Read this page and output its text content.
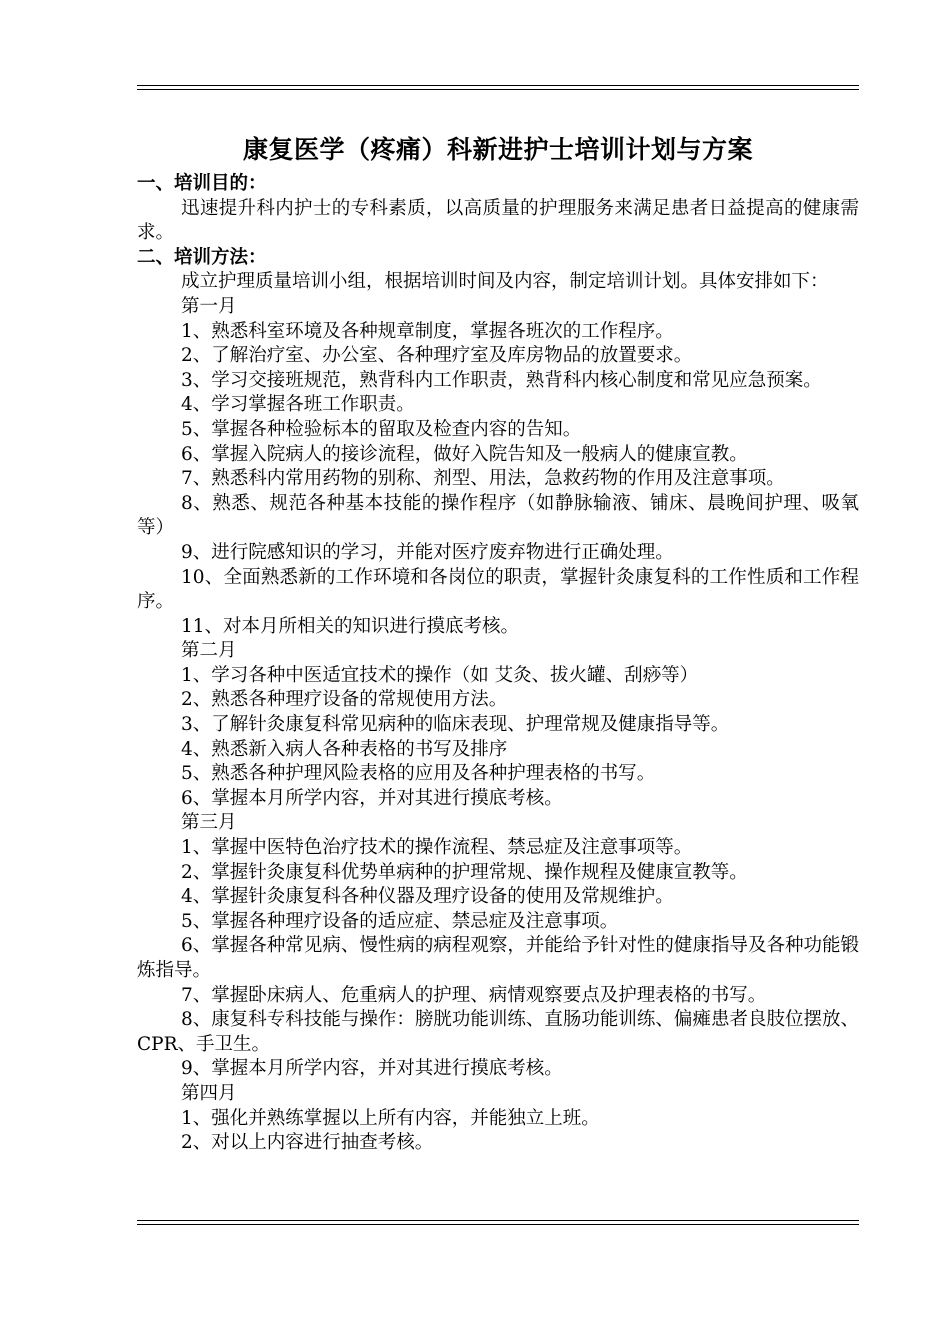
康复医学（疼痛）科新进护士培训计划与方案

一、培训目的：

迅速提升科内护士的专科素质，以高质量的护理服务来满足患者日益提高的健康需求。

二、培训方法：

成立护理质量培训小组，根据培训时间及内容，制定培训计划。具体安排如下：

第一月

1、熟悉科室环境及各种规章制度，掌握各班次的工作程序。

2、了解治疗室、办公室、各种理疗室及库房物品的放置要求。

3、学习交接班规范，熟背科内工作职责，熟背科内核心制度和常见应急预案。

4、学习掌握各班工作职责。

5、掌握各种检验标本的留取及检查内容的告知。

6、掌握入院病人的接诊流程，做好入院告知及一般病人的健康宣教。

7、熟悉科内常用药物的别称、剂型、用法，急救药物的作用及注意事项。

8、熟悉、规范各种基本技能的操作程序（如静脉输液、铺床、晨晚间护理、吸氧等）

9、进行院感知识的学习，并能对医疗废弃物进行正确处理。

10、全面熟悉新的工作环境和各岗位的职责，掌握针灸康复科的工作性质和工作程序。

11、对本月所相关的知识进行摸底考核。

第二月

1、学习各种中医适宜技术的操作（如 艾灸、拔火罐、刮痧等）

2、熟悉各种理疗设备的常规使用方法。

3、了解针灸康复科常见病种的临床表现、护理常规及健康指导等。

4、熟悉新入病人各种表格的书写及排序

5、熟悉各种护理风险表格的应用及各种护理表格的书写。

6、掌握本月所学内容，并对其进行摸底考核。

第三月

1、掌握中医特色治疗技术的操作流程、禁忌症及注意事项等。

2、掌握针灸康复科优势单病种的护理常规、操作规程及健康宣教等。

4、掌握针灸康复科各种仪器及理疗设备的使用及常规维护。

5、掌握各种理疗设备的适应症、禁忌症及注意事项。

6、掌握各种常见病、慢性病的病程观察，并能给予针对性的健康指导及各种功能锻炼指导。

7、掌握卧床病人、危重病人的护理、病情观察要点及护理表格的书写。

8、康复科专科技能与操作：膀胱功能训练、直肠功能训练、偏瘫患者良肢位摆放、CPR、手卫生。

9、掌握本月所学内容，并对其进行摸底考核。

第四月

1、强化并熟练掌握以上所有内容，并能独立上班。

2、对以上内容进行抽查考核。
